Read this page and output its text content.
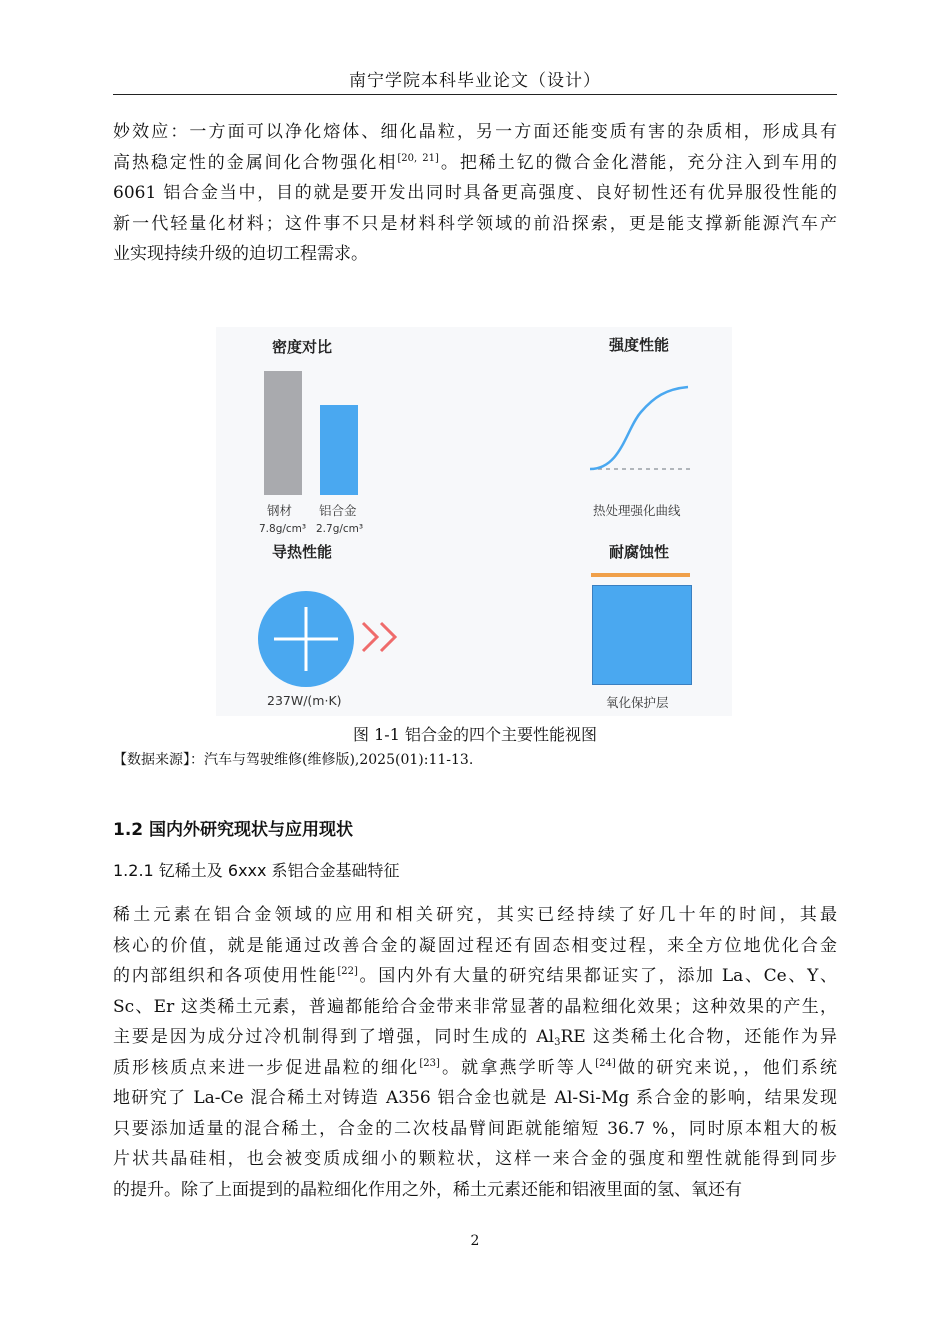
南宁学院本科毕业论文（设计）
妙效应：一方面可以净化熔体、细化晶粒，另一方面还能变质有害的杂质相，形成具有
高热稳定性的金属间化合物强化相[20, 21]。把稀土钇的微合金化潜能，充分注入到车用的
6061 铝合金当中，目的就是要开发出同时具备更高强度、良好韧性还有优异服役性能的
新一代轻量化材料；这件事不只是材料科学领域的前沿探索，更是能支撑新能源汽车产
业实现持续升级的迫切工程需求。
密度对比
钢材 铝合金
7.8g/cm³ 2.7g/cm³
强度性能
热处理强化曲线
导热性能
237W/(m·K)
耐腐蚀性
氧化保护层
图 1-1 铝合金的四个主要性能视图
【数据来源】：汽车与驾驶维修(维修版),2025(01):11-13.
1.2 国内外研究现状与应用现状
1.2.1 钇稀土及 6xxx 系铝合金基础特征
稀土元素在铝合金领域的应用和相关研究，其实已经持续了好几十年的时间，其最
核心的价值，就是能通过改善合金的凝固过程还有固态相变过程，来全方位地优化合金
的内部组织和各项使用性能[22]。国内外有大量的研究结果都证实了，添加 La、Ce、Y、
Sc、Er 这类稀土元素，普遍都能给合金带来非常显著的晶粒细化效果；这种效果的产生，
主要是因为成分过冷机制得到了增强，同时生成的 $Al_3RE$ 这类稀土化合物，还能作为异
质形核质点来进一步促进晶粒的细化[23]。就拿燕学昕等人[24]做的研究来说，，他们系统
地研究了 La-Ce 混合稀土对铸造 A356 铝合金也就是 Al-Si-Mg 系合金的影响，结果发现
只要添加适量的混合稀土，合金的二次枝晶臂间距就能缩短 36.7 %，同时原本粗大的板
片状共晶硅相，也会被变质成细小的颗粒状，这样一来合金的强度和塑性就能得到同步
的提升。除了上面提到的晶粒细化作用之外，稀土元素还能和铝液里面的氢、氧还有
2
